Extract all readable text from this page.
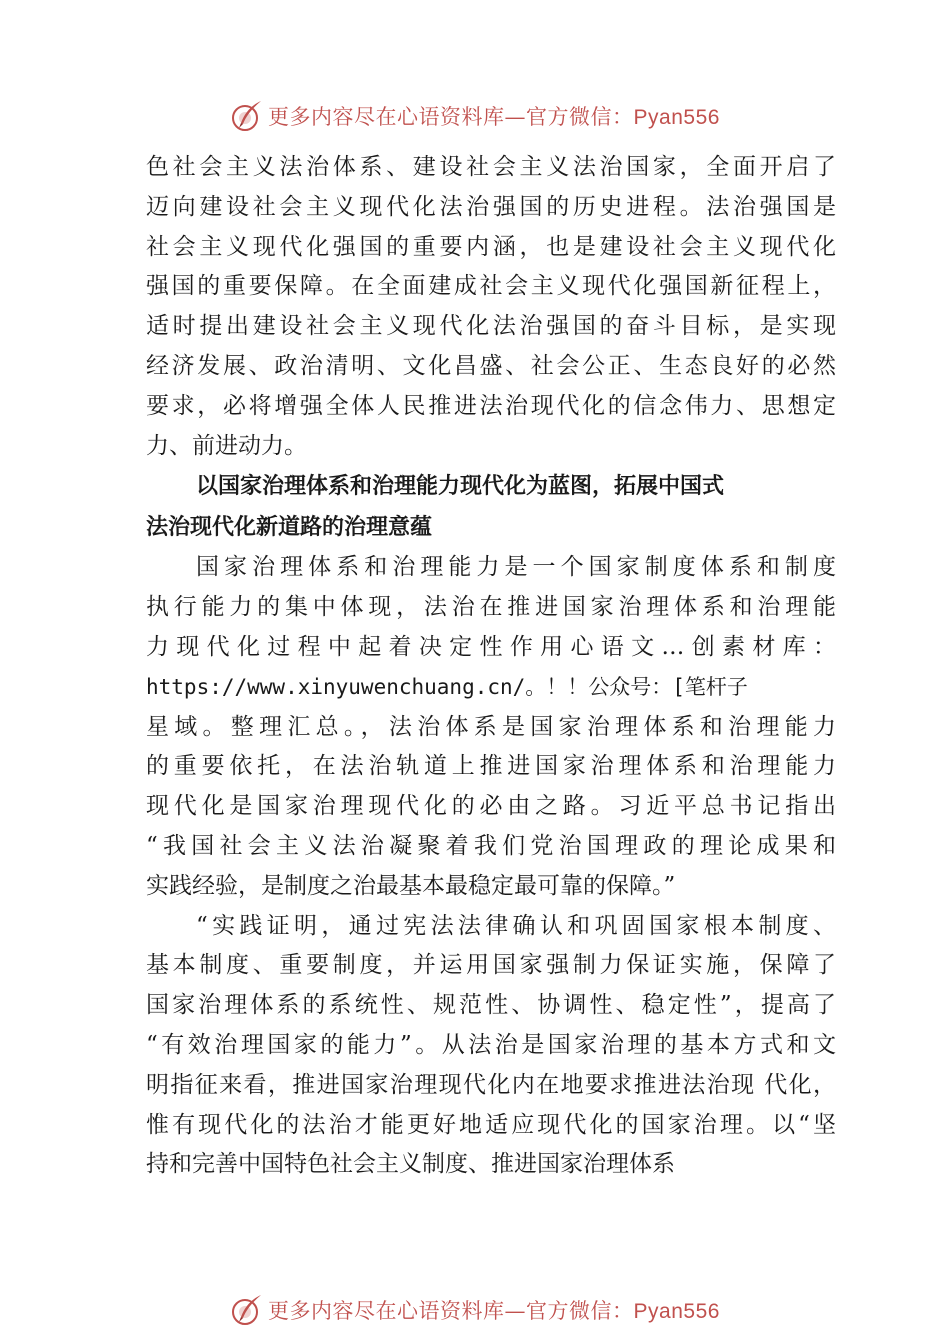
更多内容尽在心语资料库—官方微信：Pyan556
色社会主义法治体系、建设社会主义法治国家，全面开启了
迈向建设社会主义现代化法治强国的历史进程。法治强国是
社会主义现代化强国的重要内涵，也是建设社会主义现代化
强国的重要保障。在全面建成社会主义现代化强国新征程上，
适时提出建设社会主义现代化法治强国的奋斗目标，是实现
经济发展、政治清明、文化昌盛、社会公正、生态良好的必然
要求，必将增强全体人民推进法治现代化的信念伟力、思想定
力、前进动力。
以国家治理体系和治理能力现代化为蓝图，拓展中国式
法治现代化新道路的治理意蕴
国家治理体系和治理能力是一个国家制度体系和制度
执行能力的集中体现，法治在推进国家治理体系和治理能
力现代化过程中起着决定性作用心语文…创素材库：
https://www.xinyuwenchuang.cn/。！！公众号：[笔杆子
星域。整理汇总。，法治体系是国家治理体系和治理能力
的重要依托，在法治轨道上推进国家治理体系和治理能力
现代化是国家治理现代化的必由之路。习近平总书记指出
“我国社会主义法治凝聚着我们党治国理政的理论成果和
实践经验，是制度之治最基本最稳定最可靠的保障。”
“实践证明，通过宪法法律确认和巩固国家根本制度、
基本制度、重要制度，并运用国家强制力保证实施，保障了
国家治理体系的系统性、规范性、协调性、稳定性”，提高了
“有效治理国家的能力”。从法治是国家治理的基本方式和文
明指征来看，推进国家治理现代化内在地要求推进法治现 代化，
惟有现代化的法治才能更好地适应现代化的国家治理。以“坚
持和完善中国特色社会主义制度、推进国家治理体系
更多内容尽在心语资料库—官方微信：Pyan556
